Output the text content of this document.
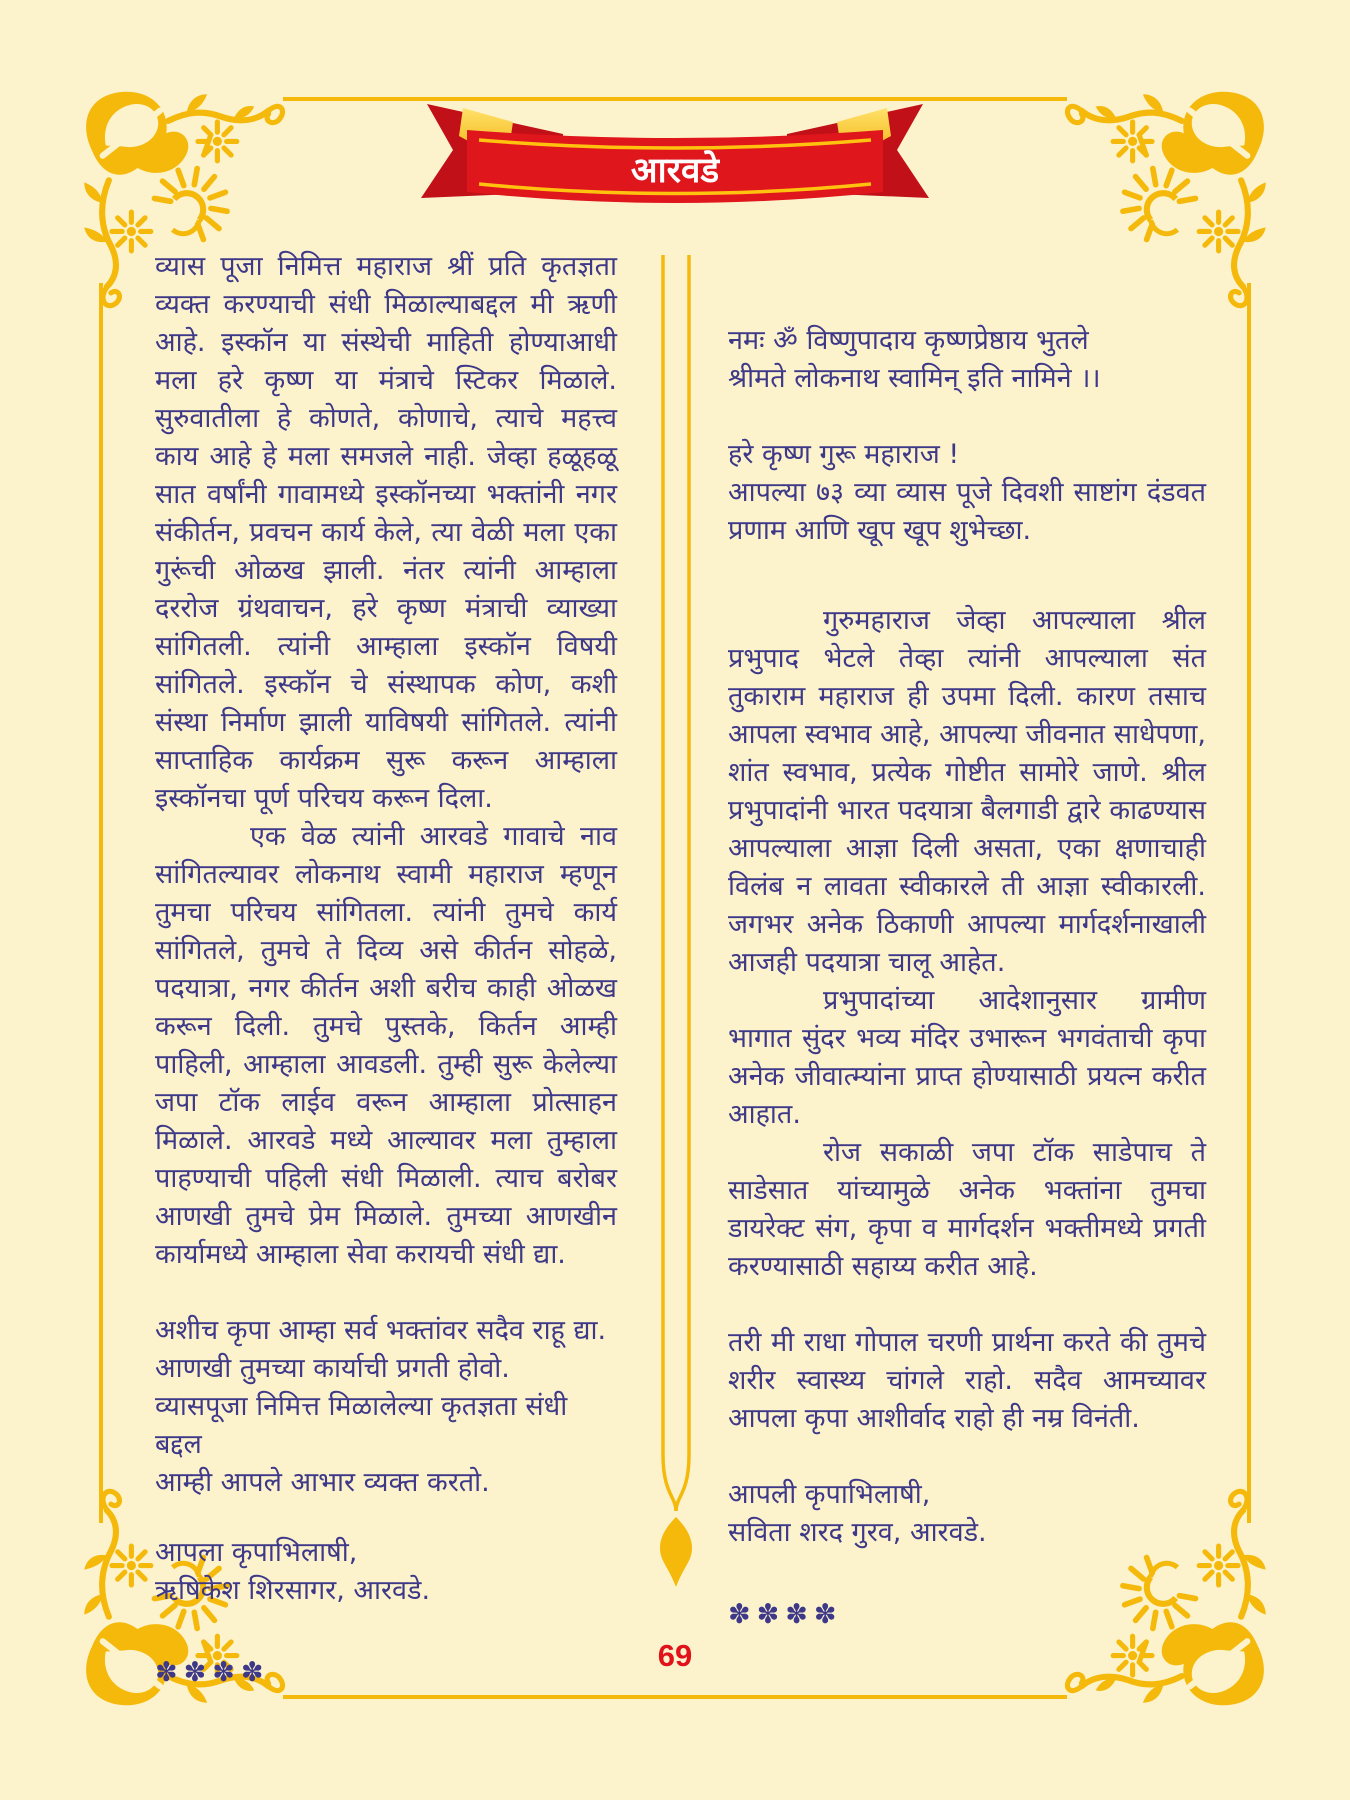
आरवडे

व्यास पूजा निमित्त महाराज श्रीं प्रति कृतज्ञता व्यक्त करण्याची संधी मिळाल्याबद्दल मी ऋणी आहे. इस्कॉन या संस्थेची माहिती होण्याआधी मला हरे कृष्ण या मंत्राचे स्टिकर मिळाले. सुरुवातीला हे कोणते, कोणाचे, त्याचे महत्त्व काय आहे हे मला समजले नाही. जेव्हा हळूहळू सात वर्षांनी गावामध्ये इस्कॉनच्या भक्तांनी नगर संकीर्तन, प्रवचन कार्य केले, त्या वेळी मला एका गुरूंची ओळख झाली. नंतर त्यांनी आम्हाला दररोज ग्रंथवाचन, हरे कृष्ण मंत्राची व्याख्या सांगितली. त्यांनी आम्हाला इस्कॉन विषयी सांगितले. इस्कॉन चे संस्थापक कोण, कशी संस्था निर्माण झाली याविषयी सांगितले. त्यांनी साप्ताहिक कार्यक्रम सुरू करून आम्हाला इस्कॉनचा पूर्ण परिचय करून दिला.

एक वेळ त्यांनी आरवडे गावाचे नाव सांगितल्यावर लोकनाथ स्वामी महाराज म्हणून तुमचा परिचय सांगितला. त्यांनी तुमचे कार्य सांगितले, तुमचे ते दिव्य असे कीर्तन सोहळे, पदयात्रा, नगर कीर्तन अशी बरीच काही ओळख करून दिली. तुमचे पुस्तके, किर्तन आम्ही पाहिली, आम्हाला आवडली. तुम्ही सुरू केलेल्या जपा टॉक लाईव वरून आम्हाला प्रोत्साहन मिळाले. आरवडे मध्ये आल्यावर मला तुम्हाला पाहण्याची पहिली संधी मिळाली. त्याच बरोबर आणखी तुमचे प्रेम मिळाले. तुमच्या आणखीन कार्यामध्ये आम्हाला सेवा करायची संधी द्या.

अशीच कृपा आम्हा सर्व भक्तांवर सदैव राहू द्या.
आणखी तुमच्या कार्याची प्रगती होवो.
व्यासपूजा निमित्त मिळालेल्या कृतज्ञता संधी बद्दल
आम्ही आपले आभार व्यक्त करतो.
आपला कृपाभिलाषी,
ऋषिकेश शिरसागर, आरवडे.
✽✽✽✽
नमः ॐ विष्णुपादाय कृष्णप्रेष्ठाय भुतले
श्रीमते लोकनाथ स्वामिन् इति नामिने ।।
हरे कृष्ण गुरू महाराज !

आपल्या ७३ व्या व्यास पूजे दिवशी साष्टांग दंडवत प्रणाम आणि खूप खूप शुभेच्छा.

गुरुमहाराज जेव्हा आपल्याला श्रील प्रभुपाद भेटले तेव्हा त्यांनी आपल्याला संत तुकाराम महाराज ही उपमा दिली. कारण तसाच आपला स्वभाव आहे, आपल्या जीवनात साधेपणा, शांत स्वभाव, प्रत्येक गोष्टीत सामोरे जाणे. श्रील प्रभुपादांनी भारत पदयात्रा बैलगाडी द्वारे काढण्यास आपल्याला आज्ञा दिली असता, एका क्षणाचाही विलंब न लावता स्वीकारले ती आज्ञा स्वीकारली. जगभर अनेक ठिकाणी आपल्या मार्गदर्शनाखाली आजही पदयात्रा चालू आहेत.

प्रभुपादांच्या आदेशानुसार ग्रामीण भागात सुंदर भव्य मंदिर उभारून भगवंताची कृपा अनेक जीवात्म्यांना प्राप्त होण्यासाठी प्रयत्न करीत आहात.

रोज सकाळी जपा टॉक साडेपाच ते साडेसात यांच्यामुळे अनेक भक्तांना तुमचा डायरेक्ट संग, कृपा व मार्गदर्शन भक्तीमध्ये प्रगती करण्यासाठी सहाय्य करीत आहे.

तरी मी राधा गोपाल चरणी प्रार्थना करते की तुमचे शरीर स्वास्थ्य चांगले राहो. सदैव आमच्यावर आपला कृपा आशीर्वाद राहो ही नम्र विनंती.

आपली कृपाभिलाषी,
सविता शरद गुरव, आरवडे.
✽✽✽✽
69
